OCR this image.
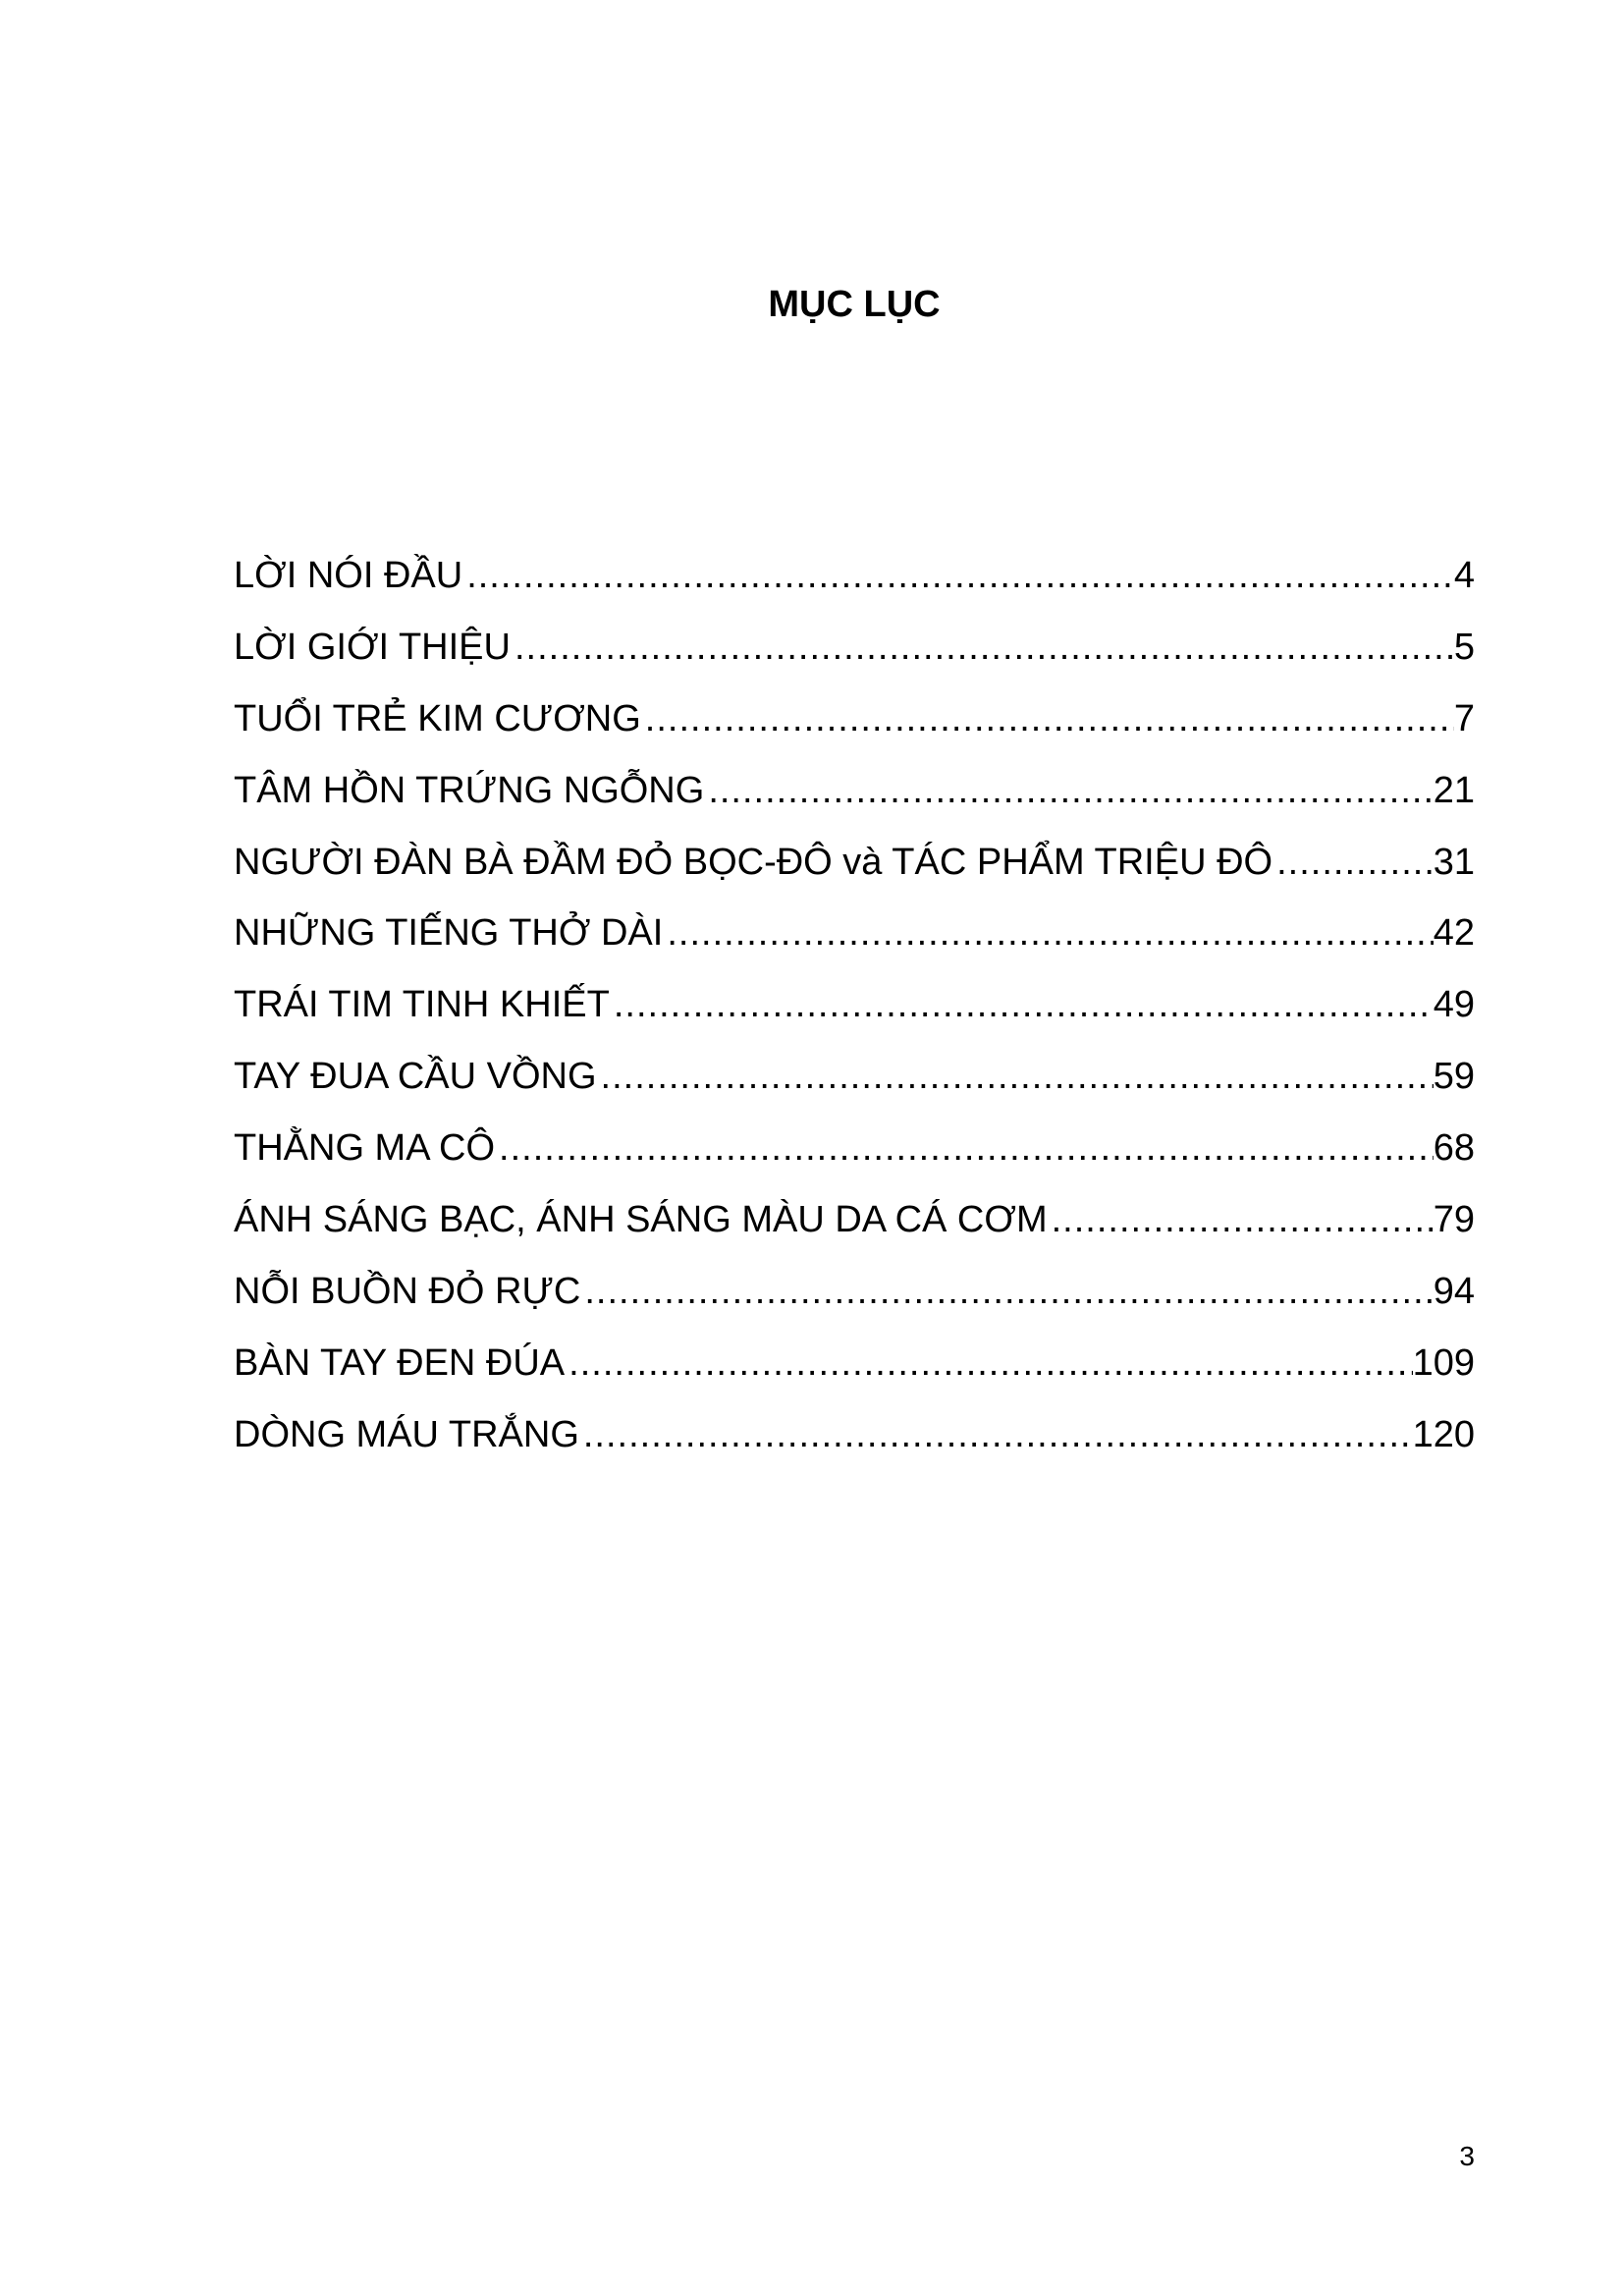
MỤC LỤC
LỜI NÓI ĐẦU .....	4
LỜI GIỚI THIỆU .....	5
TUỔI TRẺ KIM CƯƠNG .....	7
TÂM HỒN TRỨNG NGỖNG .....	21
NGƯỜI ĐÀN BÀ ĐẦM ĐỎ BỌC-ĐÔ và TÁC PHẨM TRIỆU ĐÔ .....	31
NHỮNG TIẾNG THỞ DÀI .....	42
TRÁI TIM TINH KHIẾT .....	49
TAY ĐUA CẦU VỒNG .....	59
THẰNG MA CÔ .....	68
ÁNH SÁNG BẠC, ÁNH SÁNG MÀU DA CÁ CƠM .....	79
NỖI BUỒN ĐỎ RỰC .....	94
BÀN TAY ĐEN ĐÚA .....	109
DÒNG MÁU TRẮNG .....	120
3
